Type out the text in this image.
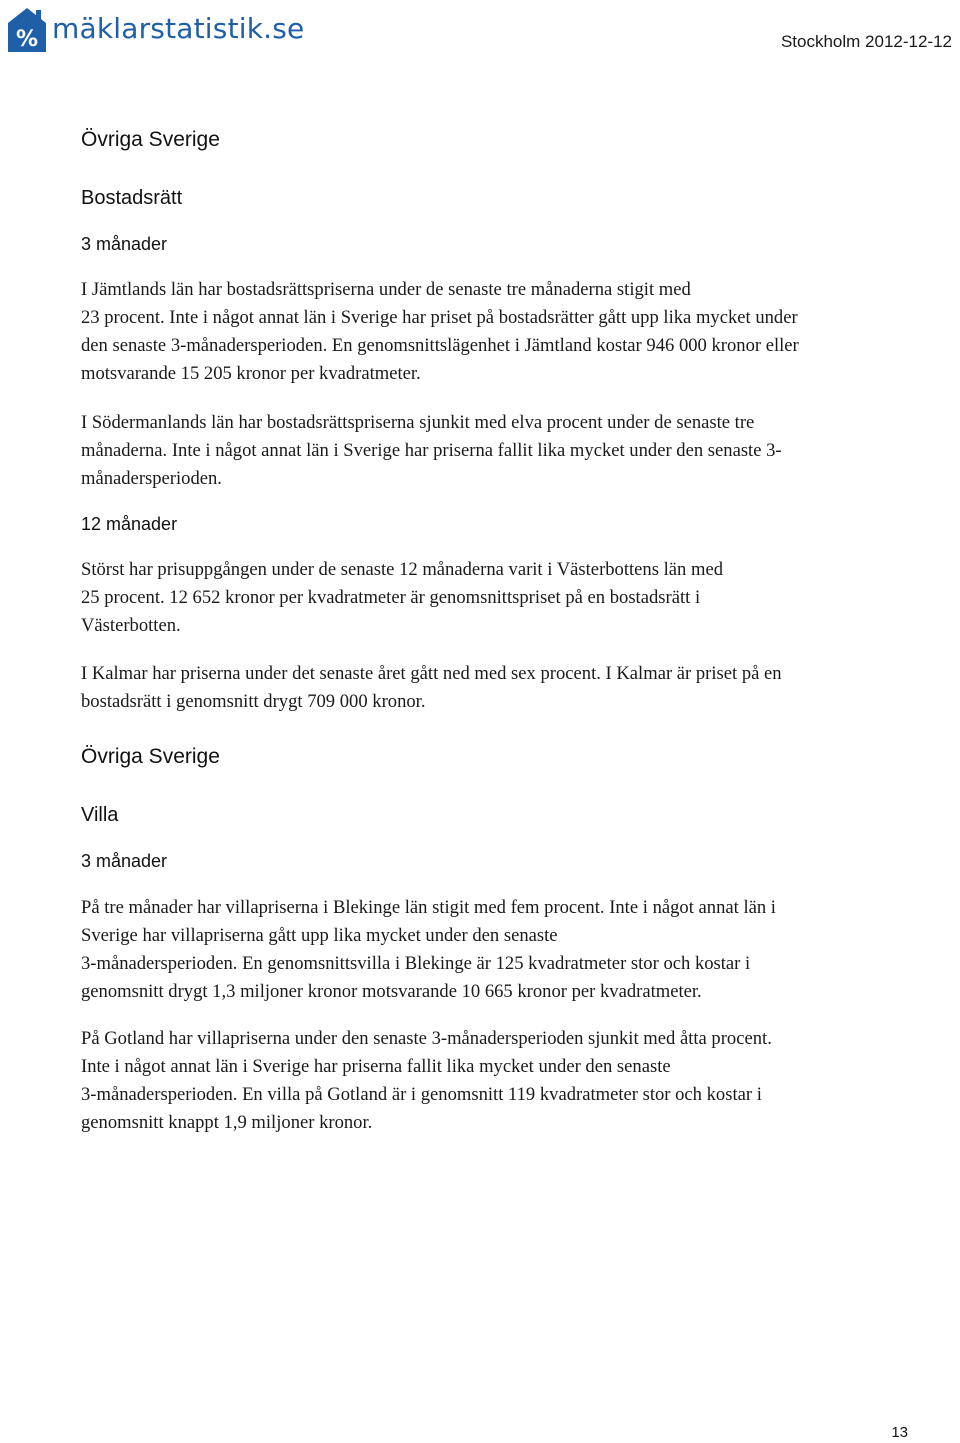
% mäklarstatistik.se	Stockholm 2012-12-12
Övriga Sverige
Bostadsrätt
3 månader
I Jämtlands län har bostadsrättspriserna under de senaste tre månaderna stigit med
23 procent. Inte i något annat län i Sverige har priset på bostadsrätter gått upp lika mycket under
den senaste 3-månadersperioden. En genomsnittslägenhet i Jämtland kostar 946 000 kronor eller
motsvarande 15 205 kronor per kvadratmeter.
I Södermanlands län har bostadsrättspriserna sjunkit med elva procent under de senaste tre
månaderna. Inte i något annat län i Sverige har priserna fallit lika mycket under den senaste 3-
månadersperioden.
12 månader
Störst har prisuppgången under de senaste 12 månaderna varit i Västerbottens län med
25 procent. 12 652 kronor per kvadratmeter är genomsnittspriset på en bostadsrätt i
Västerbotten.
I Kalmar har priserna under det senaste året gått ned med sex procent. I Kalmar är priset på en
bostadsrätt i genomsnitt drygt 709 000 kronor.
Övriga Sverige
Villa
3 månader
På tre månader har villapriserna i Blekinge län stigit med fem procent. Inte i något annat län i
Sverige har villapriserna gått upp lika mycket under den senaste
3-månadersperioden. En genomsnittsvilla i Blekinge är 125 kvadratmeter stor och kostar i
genomsnitt drygt 1,3 miljoner kronor motsvarande 10 665 kronor per kvadratmeter.
På Gotland har villapriserna under den senaste 3-månadersperioden sjunkit med åtta procent.
Inte i något annat län i Sverige har priserna fallit lika mycket under den senaste
3-månadersperioden. En villa på Gotland är i genomsnitt 119 kvadratmeter stor och kostar i
genomsnitt knappt 1,9 miljoner kronor.
13
